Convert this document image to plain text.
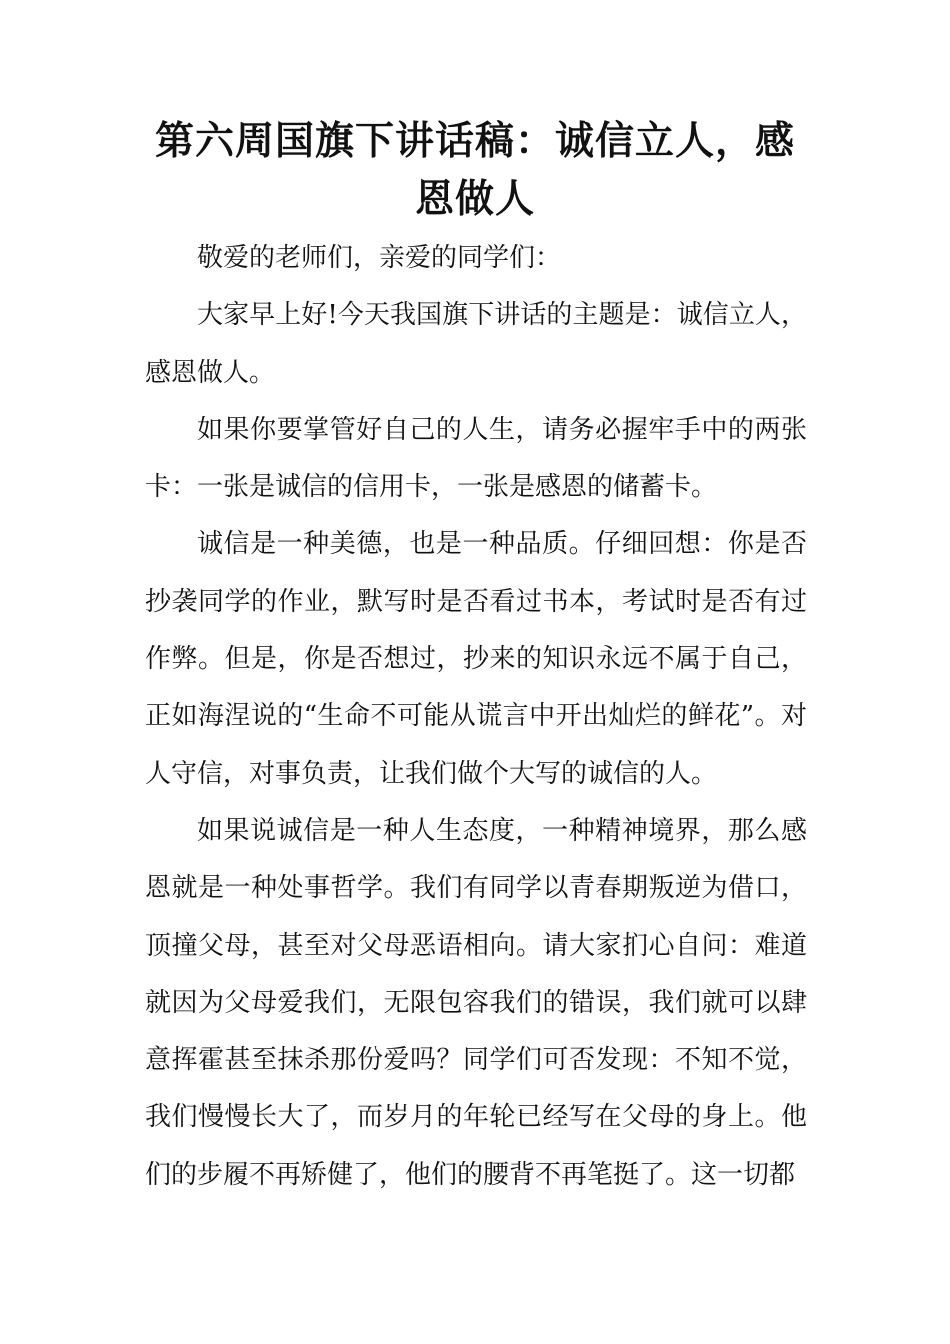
第六周国旗下讲话稿：诚信立人，感恩做人

敬爱的老师们，亲爱的同学们：

大家早上好!今天我国旗下讲话的主题是：诚信立人，感恩做人。

如果你要掌管好自己的人生，请务必握牢手中的两张卡：一张是诚信的信用卡，一张是感恩的储蓄卡。

诚信是一种美德，也是一种品质。仔细回想：你是否抄袭同学的作业，默写时是否看过书本，考试时是否有过作弊。但是，你是否想过，抄来的知识永远不属于自己，正如海涅说的“生命不可能从谎言中开出灿烂的鲜花”。对人守信，对事负责，让我们做个大写的诚信的人。

如果说诚信是一种人生态度，一种精神境界，那么感恩就是一种处事哲学。我们有同学以青春期叛逆为借口，顶撞父母，甚至对父母恶语相向。请大家扪心自问：难道就因为父母爱我们，无限包容我们的错误，我们就可以肆意挥霍甚至抹杀那份爱吗？同学们可否发现：不知不觉，我们慢慢长大了，而岁月的年轮已经写在父母的身上。他们的步履不再矫健了，他们的腰背不再笔挺了。这一切都
